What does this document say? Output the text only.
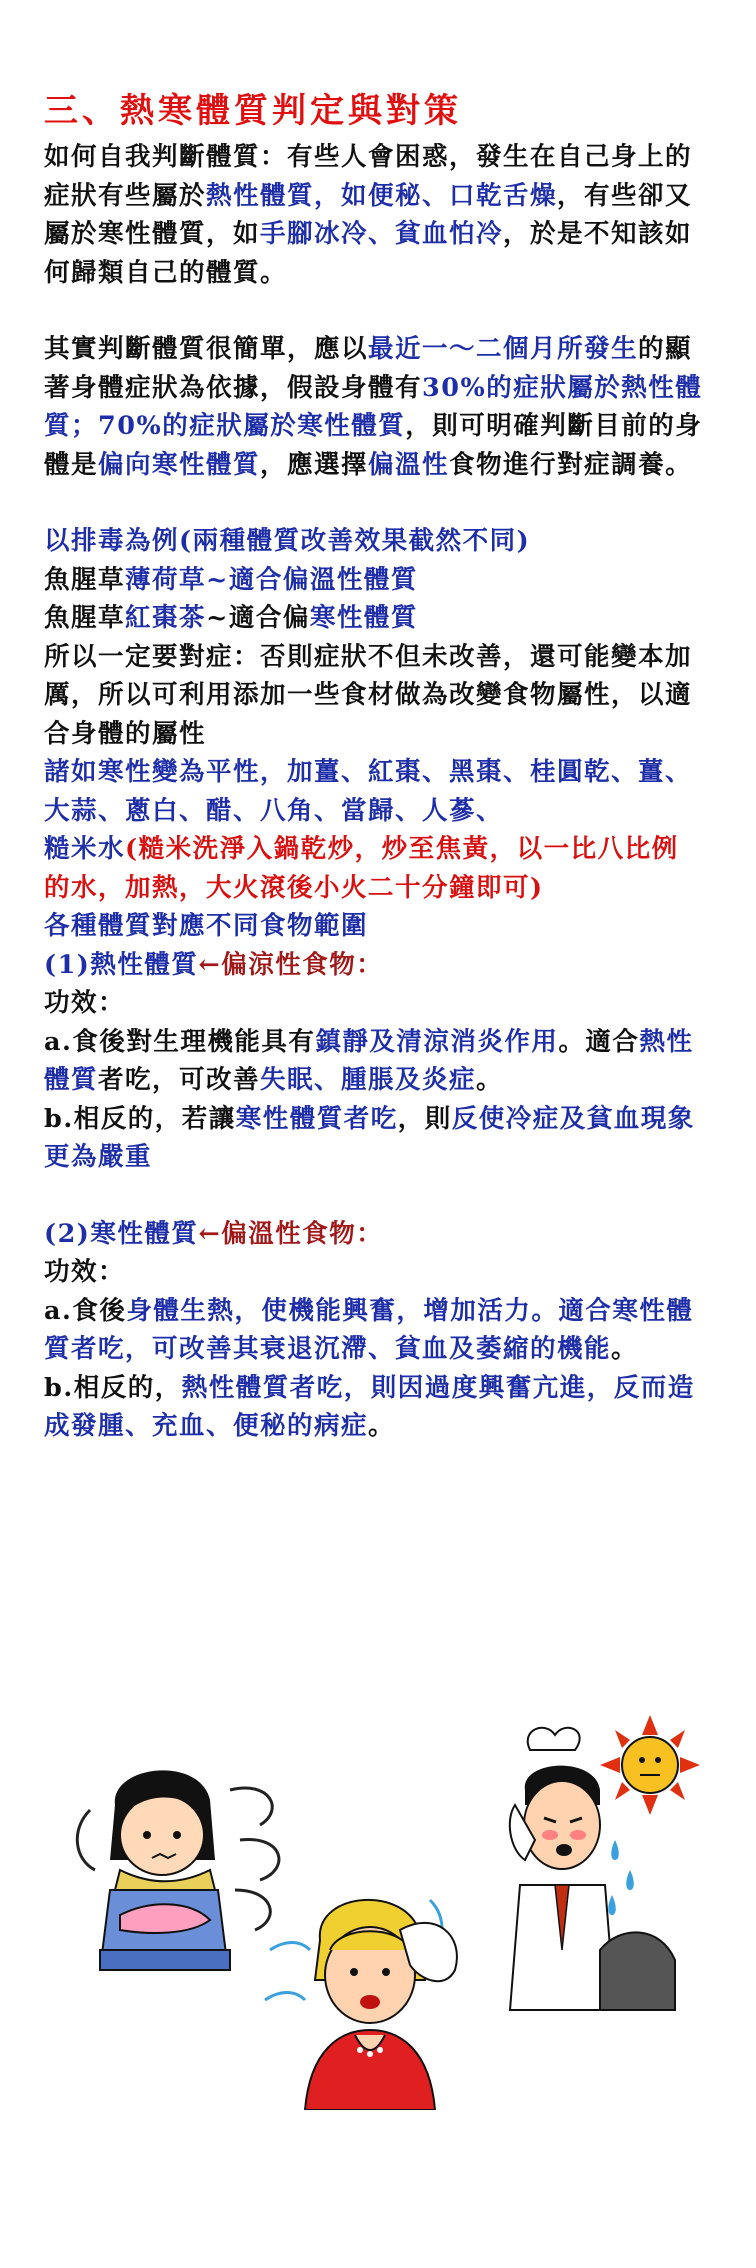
三、熱寒體質判定與對策

如何自我判斷體質：有些人會困惑，發生在自己身上的症狀有些屬於熱性體質，如便秘、口乾舌燥，有些卻又屬於寒性體質，如手腳冰冷、貧血怕冷，於是不知該如何歸類自己的體質。

其實判斷體質很簡單，應以最近一～二個月所發生的顯著身體症狀為依據，假設身體有30%的症狀屬於熱性體質；70%的症狀屬於寒性體質，則可明確判斷目前的身體是偏向寒性體質，應選擇偏溫性食物進行對症調養。

以排毒為例(兩種體質改善效果截然不同)

魚腥草薄荷草~適合偏溫性體質

魚腥草紅棗茶~適合偏寒性體質

所以一定要對症：否則症狀不但未改善，還可能變本加厲，所以可利用添加一些食材做為改變食物屬性，以適合身體的屬性

諸如寒性變為平性，加薑、紅棗、黑棗、桂圓乾、薑、大蒜、蔥白、醋、八角、當歸、人蔘、

糙米水(糙米洗淨入鍋乾炒，炒至焦黃，以一比八比例的水，加熱，大火滾後小火二十分鐘即可)

各種體質對應不同食物範圍

(1)熱性體質←偏涼性食物：

功效：

a.食後對生理機能具有鎮靜及清涼消炎作用。適合熱性體質者吃，可改善失眠、腫脹及炎症。

b.相反的，若讓寒性體質者吃，則反使冷症及貧血現象更為嚴重

(2)寒性體質←偏溫性食物：

功效：

a.食後身體生熱，使機能興奮，增加活力。適合寒性體質者吃，可改善其衰退沉滯、貧血及萎縮的機能。

b.相反的，熱性體質者吃，則因過度興奮亢進，反而造成發腫、充血、便秘的病症。
